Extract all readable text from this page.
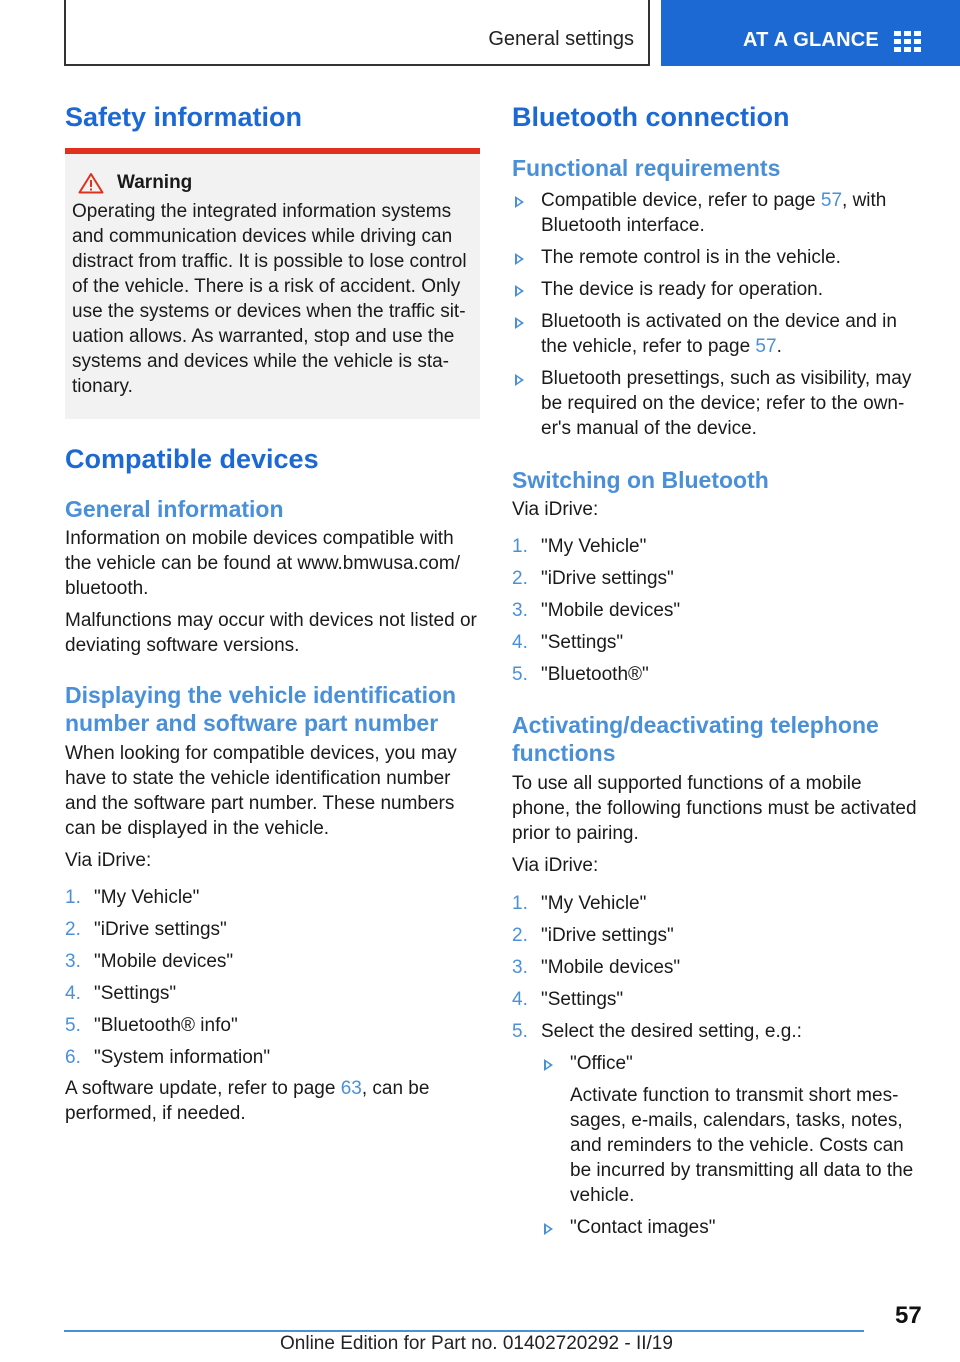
General settings	AT A GLANCE
Safety information
Warning

Operating the integrated information systems and communication devices while driving can distract from traffic. It is possible to lose control of the vehicle. There is a risk of accident. Only use the systems or devices when the traffic situation allows. As warranted, stop and use the systems and devices while the vehicle is stationary.

Compatible devices
General information

Information on mobile devices compatible with the vehicle can be found at www.bmwusa.com/​bluetooth.

Malfunctions may occur with devices not listed or deviating software versions.

Displaying the vehicle identification number and software part number

When looking for compatible devices, you may have to state the vehicle identification number and the software part number. These numbers can be displayed in the vehicle.

Via iDrive:

1. "My Vehicle"
2. "iDrive settings"
3. "Mobile devices"
4. "Settings"
5. "Bluetooth® info"
6. "System information"

A software update, refer to page 63, can be performed, if needed.

Bluetooth connection
Functional requirements
Compatible device, refer to page 57, with Bluetooth interface.
The remote control is in the vehicle.
The device is ready for operation.
Bluetooth is activated on the device and in the vehicle, refer to page 57.
Bluetooth presettings, such as visibility, may be required on the device; refer to the owner's manual of the device.
Switching on Bluetooth

Via iDrive:

1. "My Vehicle"
2. "iDrive settings"
3. "Mobile devices"
4. "Settings"
5. "Bluetooth®"
Activating/deactivating telephone functions

To use all supported functions of a mobile phone, the following functions must be activated prior to pairing.

Via iDrive:

1. "My Vehicle"
2. "iDrive settings"
3. "Mobile devices"
4. "Settings"
5. Select the desired setting, e.g.:
"Office"

Activate function to transmit short messages, e-mails, calendars, tasks, notes, and reminders to the vehicle. Costs can be incurred by transmitting all data to the vehicle.

"Contact images"
57
Online Edition for Part no. 01402720292 - II/19
